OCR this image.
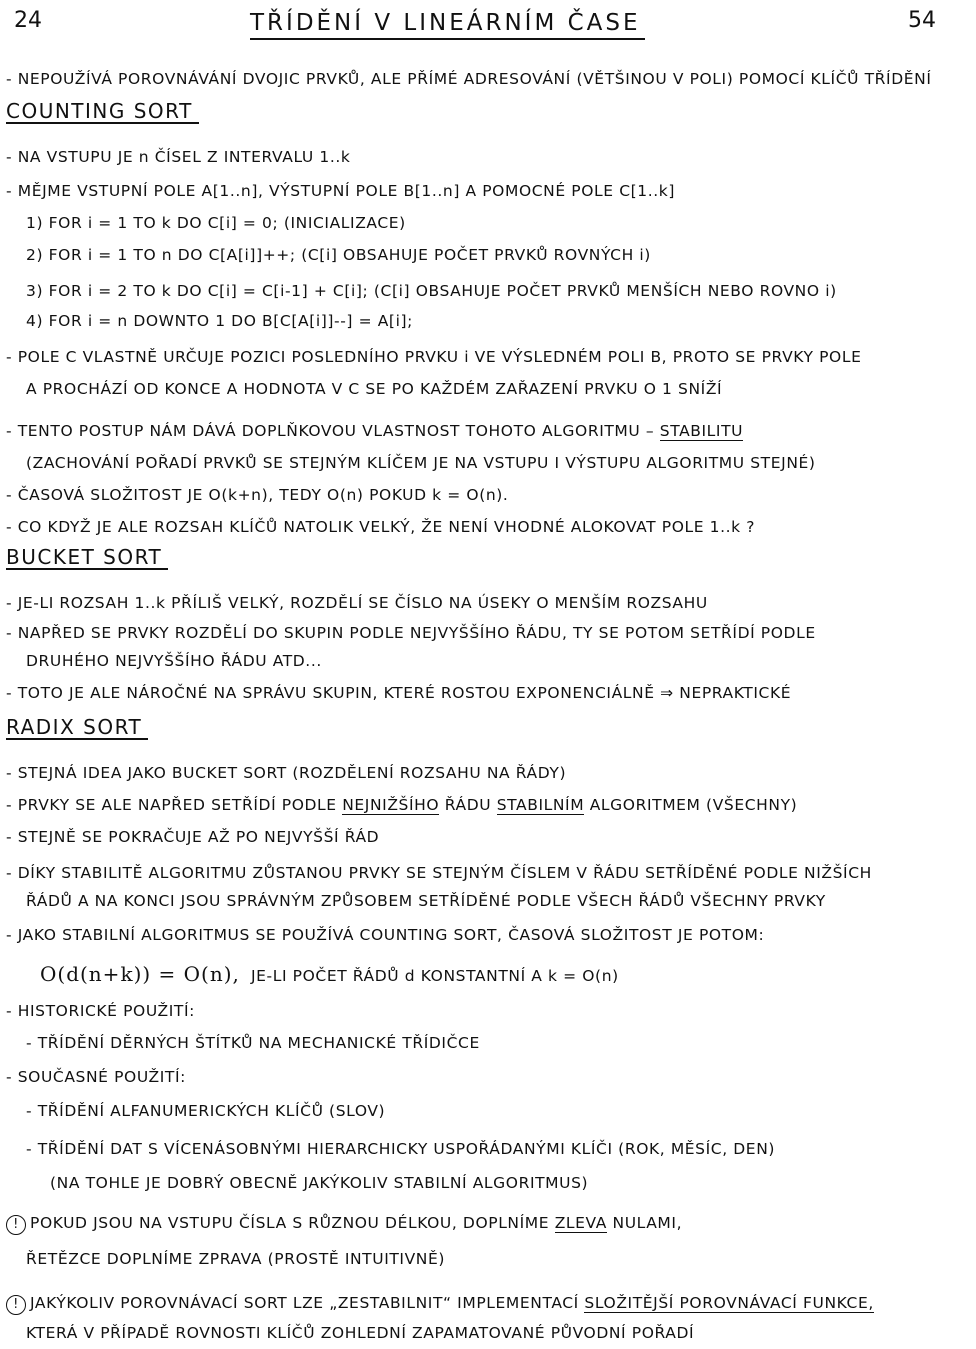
24	TŘÍDĚNÍ V LINEÁRNÍM ČASE	54
- NEPOUŽÍVÁ POROVNÁVÁNÍ DVOJIC PRVKŮ, ALE PŘÍMÉ ADRESOVÁNÍ (VĚTŠINOU V POLI) POMOCÍ KLÍČŮ TŘÍDĚNÍ
COUNTING SORT
- NA VSTUPU JE n ČÍSEL Z INTERVALU 1..k
- MĚJME VSTUPNÍ POLE A[1..n], VÝSTUPNÍ POLE B[1..n] A POMOCNÉ POLE C[1..k]
1) FOR i = 1 TO k DO C[i] = 0; (INICIALIZACE)
2) FOR i = 1 TO n DO C[A[i]]++; (C[i] OBSAHUJE POČET PRVKŮ ROVNÝCH i)
3) FOR i = 2 TO k DO C[i] = C[i-1] + C[i]; (C[i] OBSAHUJE POČET PRVKŮ MENŠÍCH NEBO ROVNO i)
4) FOR i = n DOWNTO 1 DO B[C[A[i]]--] = A[i];
- POLE C VLASTNĚ URČUJE POZICI POSLEDNÍHO PRVKU i VE VÝSLEDNÉM POLI B, PROTO SE PRVKY POLE
A PROCHÁZÍ OD KONCE A HODNOTA V C SE PO KAŽDÉM ZAŘAZENÍ PRVKU O 1 SNÍŽÍ
- TENTO POSTUP NÁM DÁVÁ DOPLŇKOVOU VLASTNOST TOHOTO ALGORITMU – STABILITU
(ZACHOVÁNÍ POŘADÍ PRVKŮ SE STEJNÝM KLÍČEM JE NA VSTUPU I VÝSTUPU ALGORITMU STEJNÉ)
- ČASOVÁ SLOŽITOST JE O(k+n), TEDY O(n) POKUD k = O(n).
- CO KDYŽ JE ALE ROZSAH KLÍČŮ NATOLIK VELKÝ, ŽE NENÍ VHODNÉ ALOKOVAT POLE 1..k ?
BUCKET SORT
- JE-LI ROZSAH 1..k PŘÍLIŠ VELKÝ, ROZDĚLÍ SE ČÍSLO NA ÚSEKY O MENŠÍM ROZSAHU
- NAPŘED SE PRVKY ROZDĚLÍ DO SKUPIN PODLE NEJVYŠŠÍHO ŘÁDU, TY SE POTOM SETŘÍDÍ PODLE
DRUHÉHO NEJVYŠŠÍHO ŘÁDU ATD...
- TOTO JE ALE NÁROČNÉ NA SPRÁVU SKUPIN, KTERÉ ROSTOU EXPONENCIÁLNĚ ⇒ NEPRAKTICKÉ
RADIX SORT
- STEJNÁ IDEA JAKO BUCKET SORT (ROZDĚLENÍ ROZSAHU NA ŘÁDY)
- PRVKY SE ALE NAPŘED SETŘÍDÍ PODLE NEJNIŽŠÍHO ŘÁDU STABILNÍM ALGORITMEM (VŠECHNY)
- STEJNĚ SE POKRAČUJE AŽ PO NEJVYŠŠÍ ŘÁD
- DÍKY STABILITĚ ALGORITMU ZŮSTANOU PRVKY SE STEJNÝM ČÍSLEM V ŘÁDU SETŘÍDĚNÉ PODLE NIŽŠÍCH
ŘÁDŮ A NA KONCI JSOU SPRÁVNÝM ZPŮSOBEM SETŘÍDĚNÉ PODLE VŠECH ŘÁDŮ VŠECHNY PRVKY
- JAKO STABILNÍ ALGORITMUS SE POUŽÍVÁ COUNTING SORT, ČASOVÁ SLOŽITOST JE POTOM:
O(d(n+k)) = O(n), JE-LI POČET ŘÁDŮ d KONSTANTNÍ A k = O(n)
- HISTORICKÉ POUŽITÍ:
- TŘÍDĚNÍ DĚRNÝCH ŠTÍTKŮ NA MECHANICKÉ TŘÍDIČCE
- SOUČASNÉ POUŽITÍ:
- TŘÍDĚNÍ ALFANUMERICKÝCH KLÍČŮ (SLOV)
- TŘÍDĚNÍ DAT S VÍCENÁSOBNÝMI HIERARCHICKY USPOŘÁDANÝMI KLÍČI (ROK, MĚSÍC, DEN)
(NA TOHLE JE DOBRÝ OBECNĚ JAKÝKOLIV STABILNÍ ALGORITMUS)
! POKUD JSOU NA VSTUPU ČÍSLA S RŮZNOU DÉLKOU, DOPLNÍME ZLEVA NULAMI,
ŘETĚZCE DOPLNÍME ZPRAVA (PROSTĚ INTUITIVNĚ)
! JAKÝKOLIV POROVNÁVACÍ SORT LZE „ZESTABILNIT“ IMPLEMENTACÍ SLOŽITĚJŠÍ POROVNÁVACÍ FUNKCE,
KTERÁ V PŘÍPADĚ ROVNOSTI KLÍČŮ ZOHLEDNÍ ZAPAMATOVANÉ PŮVODNÍ POŘADÍ
